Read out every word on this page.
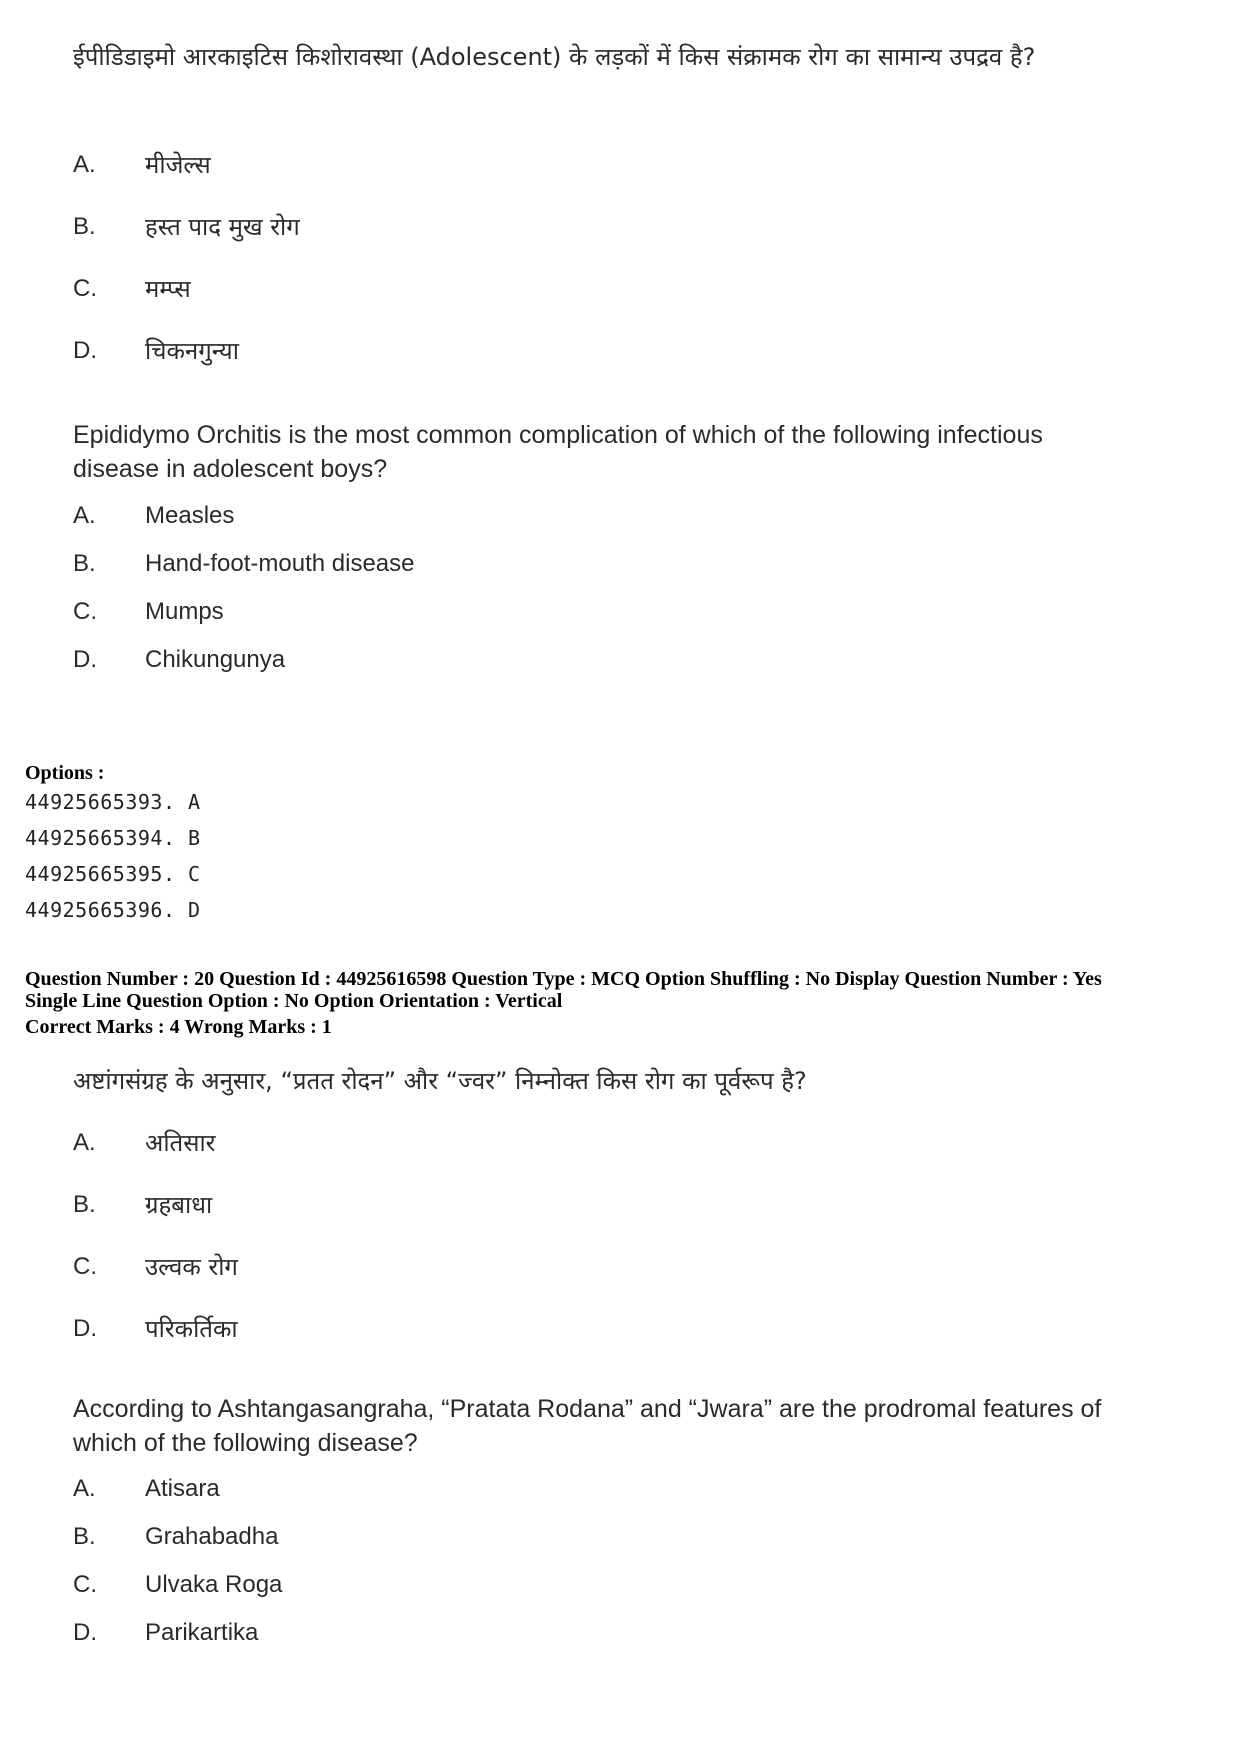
ईपीडिडाइमो आरकाइटिस किशोरावस्था (Adolescent) के लड़कों में किस संक्रामक रोग का सामान्य उपद्रव है?
A.	मीजेल्स
B.	हस्त पाद मुख रोग
C.	मम्प्स
D.	चिकनगुन्या
Epididymo Orchitis is the most common complication of which of the following infectious disease in adolescent boys?
A.	Measles
B.	Hand-foot-mouth disease
C.	Mumps
D.	Chikungunya
Options :
44925665393. A
44925665394. B
44925665395. C
44925665396. D
Question Number : 20 Question Id : 44925616598 Question Type : MCQ Option Shuffling : No Display Question Number : Yes
Single Line Question Option : No Option Orientation : Vertical
Correct Marks : 4 Wrong Marks : 1
अष्टांगसंग्रह के अनुसार, “प्रतत रोदन” और “ज्वर” निम्नोक्त किस रोग का पूर्वरूप है?
A.	अतिसार
B.	ग्रहबाधा
C.	उल्वक रोग
D.	परिकर्तिका
According to Ashtangasangraha, “Pratata Rodana” and “Jwara” are the prodromal features of which of the following disease?
A.	Atisara
B.	Grahabadha
C.	Ulvaka Roga
D.	Parikartika
